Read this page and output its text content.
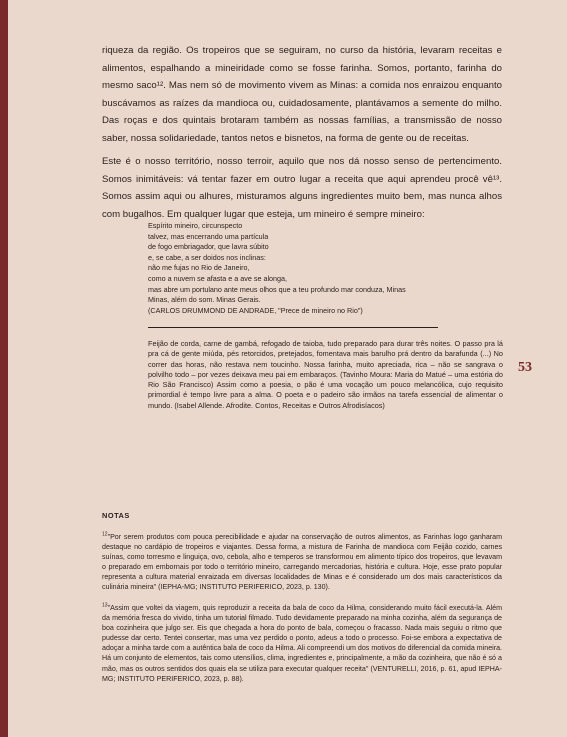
riqueza da região. Os tropeiros que se seguiram, no curso da história, levaram receitas e alimentos, espalhando a mineiridade como se fosse farinha. Somos, portanto, farinha do mesmo saco¹². Mas nem só de movimento vivem as Minas: a comida nos enraizou enquanto buscávamos as raízes da mandioca ou, cuidadosamente, plantávamos a semente do milho. Das roças e dos quintais brotaram também as nossas famílias, a transmissão de nosso saber, nossa solidariedade, tantos netos e bisnetos, na forma de gente ou de receitas.

Este é o nosso território, nosso terroir, aquilo que nos dá nosso senso de pertencimento. Somos inimitáveis: vá tentar fazer em outro lugar a receita que aqui aprendeu procê vê¹³. Somos assim aqui ou alhures, misturamos alguns ingredientes muito bem, mas nunca alhos com bugalhos. Em qualquer lugar que esteja, um mineiro é sempre mineiro:

53
Espírito mineiro, circunspecto
talvez, mas encerrando uma partícula
de fogo embriagador, que lavra súbito
e, se cabe, a ser doidos nos inclinas:
não me fujas no Rio de Janeiro,
como a nuvem se afasta e a ave se alonga,
mas abre um portulano ante meus olhos que a teu profundo mar conduza, Minas
Minas, além do som. Minas Gerais.
(CARLOS DRUMMOND DE ANDRADE, "Prece de mineiro no Rio")
Feijão de corda, carne de gambá, refogado de taioba, tudo preparado para durar três noites. O passo pra lá pra cá de gente miúda, pés retorcidos, pretejados, fomentava mais barulho prá dentro da barafunda (...) No correr das horas, não restava nem toucinho. Nossa farinha, muito apreciada, rica – não se sangrava o polvilho todo – por vezes deixava meu pai em embaraços. (Tavinho Moura: Maria do Matué – uma estória do Rio São Francisco) Assim como a poesia, o pão é uma vocação um pouco melancólica, cujo requisito primordial é tempo livre para a alma. O poeta e o padeiro são irmãos na tarefa essencial de alimentar o mundo. (Isabel Allende. Afrodite. Contos, Receitas e Outros Afrodisíacos)
NOTAS
$^{12}$"Por serem produtos com pouca perecibilidade e ajudar na conservação de outros alimentos, as Farinhas logo ganharam destaque no cardápio de tropeiros e viajantes. Dessa forma, a mistura de Farinha de mandioca com Feijão cozido, carnes suínas, como torresmo e linguiça, ovo, cebola, alho e temperos se transformou em alimento típico dos tropeiros, que levavam o preparado em embornais por todo o território mineiro, carregando mercadorias, história e cultura. Hoje, esse prato popular representa a cultura material enraizada em diversas localidades de Minas e é considerado um dos mais característicos da culinária mineira" (IEPHA-MG; INSTITUTO PERIFERICO, 2023, p. 130).
$^{13}$"Assim que voltei da viagem, quis reproduzir a receita da bala de coco da Hilma, considerando muito fácil executá-la. Além da memória fresca do vivido, tinha um tutorial filmado. Tudo devidamente preparado na minha cozinha, além da segurança de boa cozinheira que julgo ser. Eis que chegada a hora do ponto de bala, começou o fracasso. Nada mais seguiu o ritmo que pudesse dar certo. Tentei consertar, mas uma vez perdido o ponto, adeus a todo o processo. Foi-se embora a expectativa de adoçar a minha tarde com a autêntica bala de coco da Hilma. Ali compreendi um dos motivos do diferencial da comida mineira. Há um conjunto de elementos, tais como utensílios, clima, ingredientes e, principalmente, a mão da cozinheira, que não é só a mão, mas os outros sentidos dos quais ela se utiliza para executar qualquer receita" (VENTURELLI, 2016, p. 61, apud IEPHA-MG; INSTITUTO PERIFERICO, 2023, p. 88).
